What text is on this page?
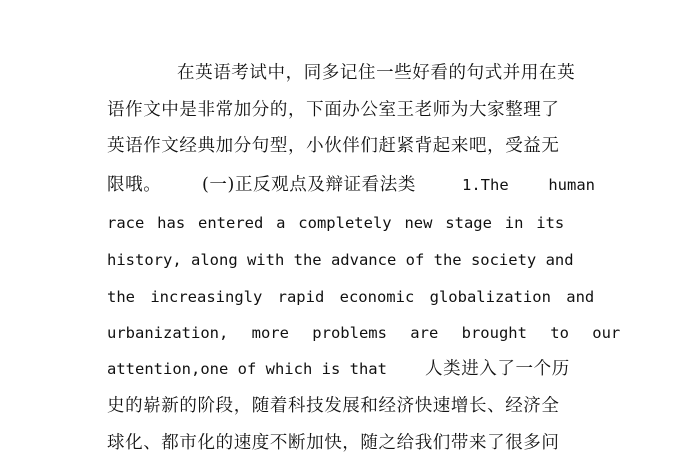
在英语考试中，同多记住一些好看的句式并用在英
语作文中是非常加分的，下面办公室王老师为大家整理了
英语作文经典加分句型，小伙伴们赶紧背起来吧，受益无
限哦。 (一)正反观点及辩证看法类	1.The	human
race has entered a completely new stage in its
history, along with the advance of the society and
the increasingly rapid economic globalization and
urbanization, more problems are brought to our
attention,one of which is that 人类进入了一个历
史的崭新的阶段，随着科技发展和经济快速增长、经济全
球化、都市化的速度不断加快，随之给我们带来了很多问
